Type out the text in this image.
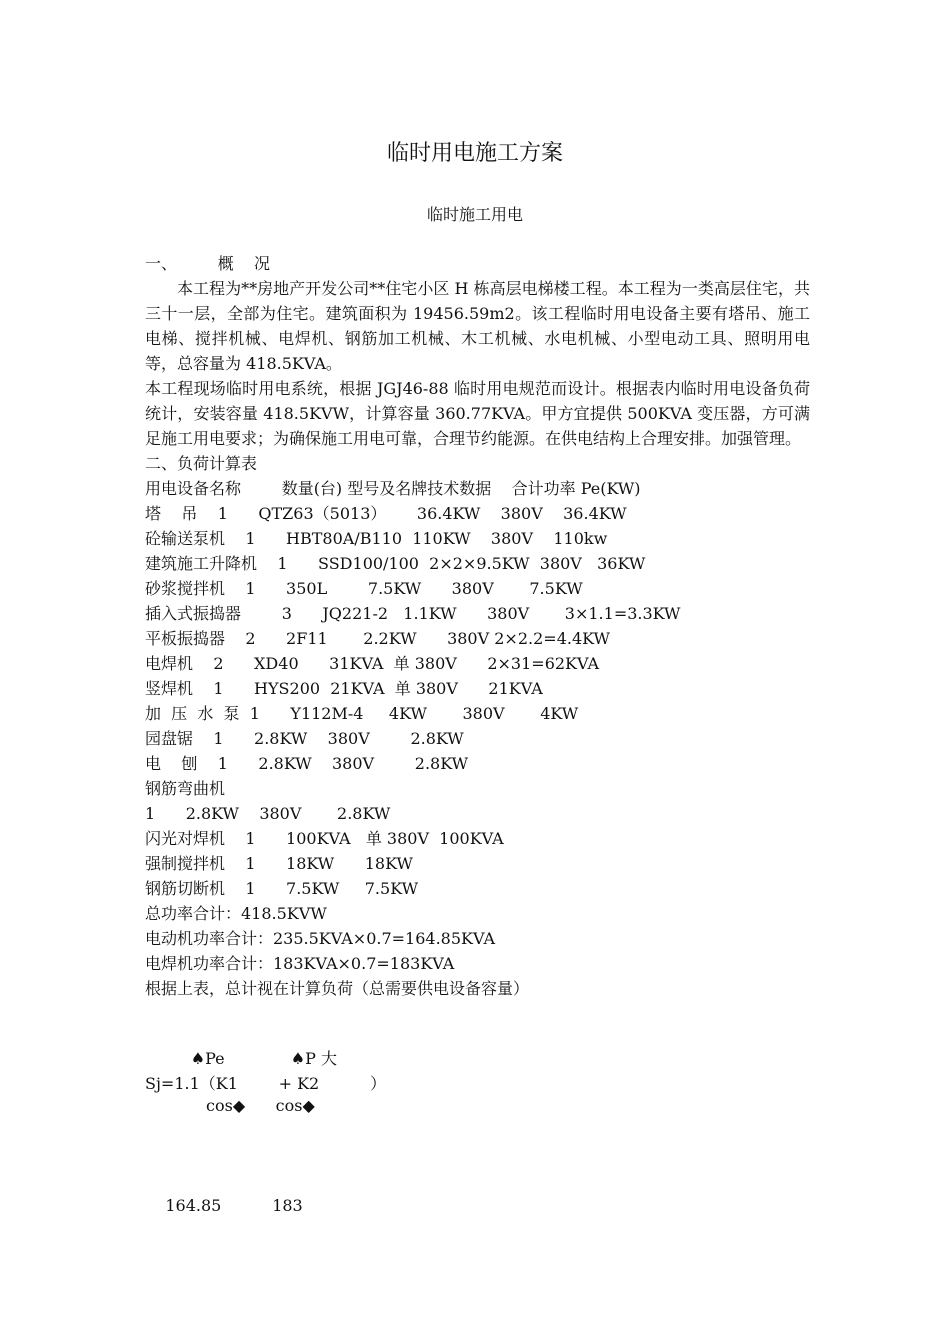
临时用电施工方案
临时施工用电
一、        概    况

本工程为**房地产开发公司**住宅小区 H 栋高层电梯楼工程。本工程为一类高层住宅，共三十一层，全部为住宅。建筑面积为 19456.59m2。该工程临时用电设备主要有塔吊、施工电梯、搅拌机械、电焊机、钢筋加工机械、木工机械、水电机械、小型电动工具、照明用电等，总容量为 418.5KVA。

本工程现场临时用电系统，根据 JGJ46-88 临时用电规范而设计。根据表内临时用电设备负荷统计，安装容量 418.5KVW，计算容量 360.77KVA。甲方宜提供 500KVA 变压器，方可满足施工用电要求；为确保施工用电可靠，合理节约能源。在供电结构上合理安排。加强管理。

二、负荷计算表
用电设备名称        数量(台) 型号及名牌技术数据    合计功率 Pe(KW)
塔    吊    1      QTZ63（5013）      36.4KW    380V    36.4KW
砼输送泵机    1      HBT80A/B110  110KW    380V    110kw
建筑施工升降机    1      SSD100/100  2×2×9.5KW  380V   36KW
砂浆搅拌机    1      350L        7.5KW      380V       7.5KW
插入式振捣器        3      JQ221-2   1.1KW      380V       3×1.1=3.3KW
平板振捣器    2      2F11       2.2KW      380V 2×2.2=4.4KW
电焊机    2      XD40      31KVA  单 380V      2×31=62KVA
竖焊机    1      HYS200  21KVA  单 380V      21KVA
加  压  水  泵  1      Y112M-4     4KW       380V       4KW
园盘锯    1      2.8KW    380V        2.8KW
电    刨    1      2.8KW    380V        2.8KW
钢筋弯曲机
1      2.8KW    380V       2.8KW
闪光对焊机    1      100KVA   单 380V  100KVA
强制搅拌机    1      18KW      18KW
钢筋切断机    1      7.5KW     7.5KW
总功率合计：418.5KVW
电动机功率合计：235.5KVA×0.7=164.85KVA
电焊机功率合计：183KVA×0.7=183KVA
根据上表，总计视在计算负荷（总需要供电设备容量）
♠Pe             ♠P 大
Sj=1.1（K1        + K2          ）
cos◆      cos◆
164.85          183
